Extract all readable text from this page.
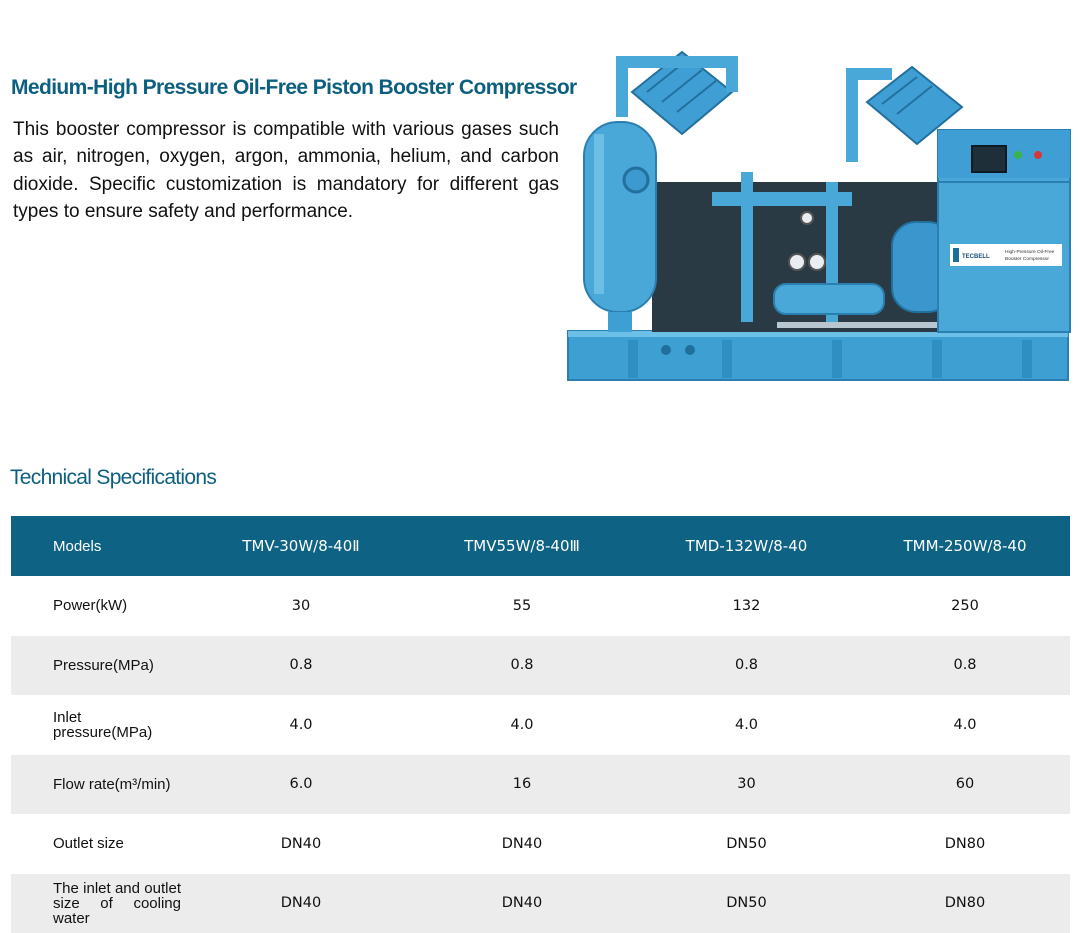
Medium-High Pressure Oil-Free Piston Booster Compressor

This booster compressor is compatible with various gases such as air, nitrogen, oxygen, argon, ammonia, helium, and carbon dioxide. Specific customization is mandatory for different gas types to ensure safety and performance.

TECBELL
High-Pressure Oil-Free
Booster Compressor
Technical Specifications
Models	TMV-30W/8-40Ⅱ	TMV55W/8-40Ⅲ	TMD-132W/8-40	TMM-250W/8-40
Power(kW)	30	55	132	250
Pressure(MPa)	0.8	0.8	0.8	0.8
Inlet pressure(MPa)	4.0	4.0	4.0	4.0
Flow rate(m³/min)	6.0	16	30	60
Outlet size	DN40	DN40	DN50	DN80
The inlet and outlet size of cooling water	DN40	DN40	DN50	DN80
